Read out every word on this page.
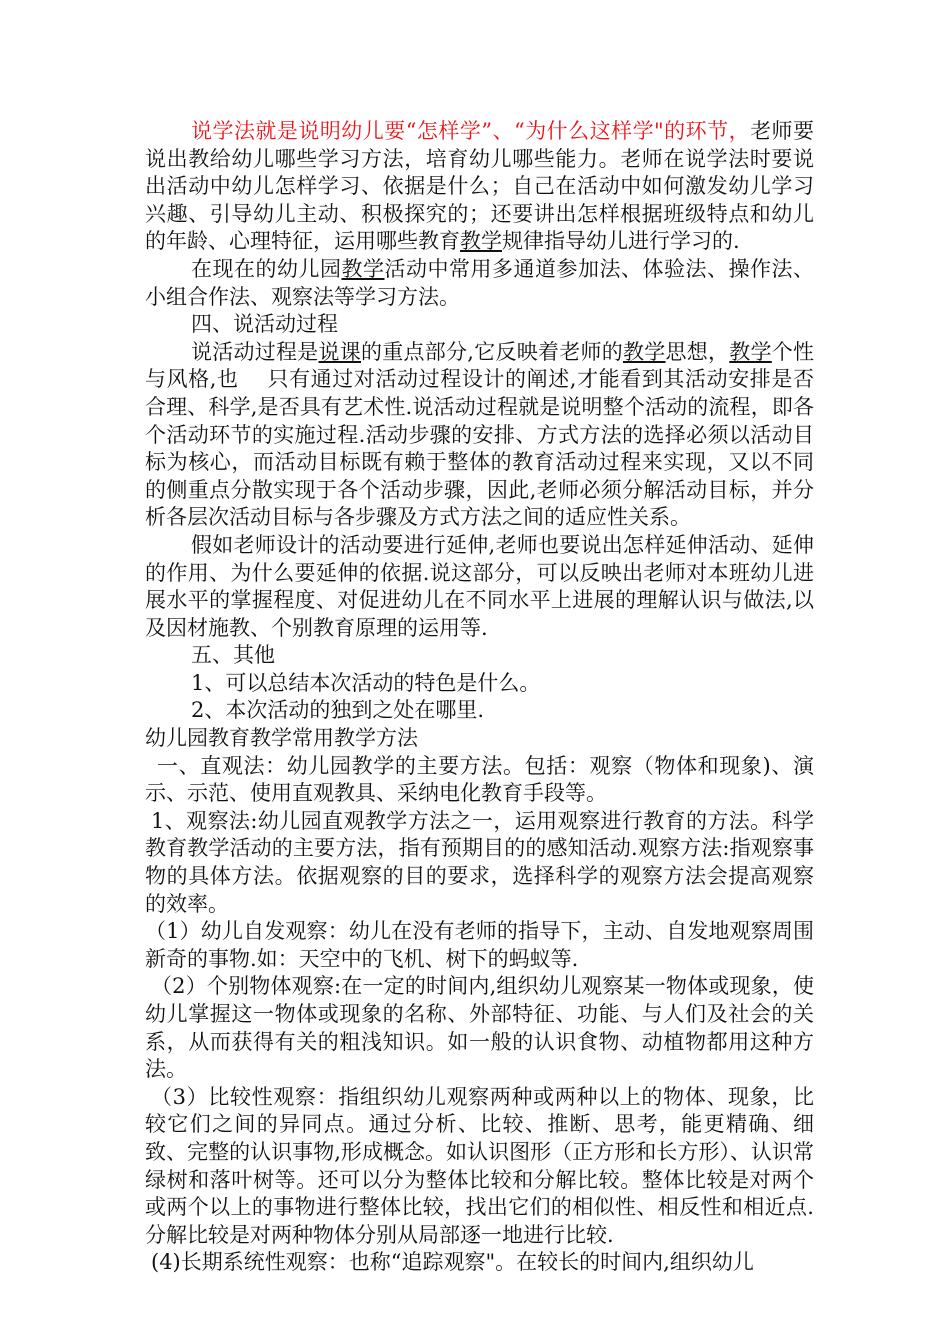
说学法就是说明幼儿要“怎样学”、“为什么这样学"的环节，老师要说出教给幼儿哪些学习方法，培育幼儿哪些能力。老师在说学法时要说出活动中幼儿怎样学习、依据是什么；自己在活动中如何激发幼儿学习兴趣、引导幼儿主动、积极探究的；还要讲出怎样根据班级特点和幼儿的年龄、心理特征，运用哪些教育教学规律指导幼儿进行学习的.

在现在的幼儿园教学活动中常用多通道参加法、体验法、操作法、小组合作法、观察法等学习方法。

四、说活动过程

说活动过程是说课的重点部分,它反映着老师的教学思想，教学个性与风格,也　 只有通过对活动过程设计的阐述,才能看到其活动安排是否合理、科学,是否具有艺术性.说活动过程就是说明整个活动的流程，即各个活动环节的实施过程.活动步骤的安排、方式方法的选择必须以活动目标为核心，而活动目标既有赖于整体的教育活动过程来实现，又以不同的侧重点分散实现于各个活动步骤，因此,老师必须分解活动目标，并分析各层次活动目标与各步骤及方式方法之间的适应性关系。

假如老师设计的活动要进行延伸,老师也要说出怎样延伸活动、延伸的作用、为什么要延伸的依据.说这部分，可以反映出老师对本班幼儿进展水平的掌握程度、对促进幼儿在不同水平上进展的理解认识与做法,以及因材施教、个别教育原理的运用等.

五、其他

1、可以总结本次活动的特色是什么。

2、本次活动的独到之处在哪里.

幼儿园教育教学常用教学方法

一、直观法：幼儿园教学的主要方法。包括：观察（物体和现象)、演示、示范、使用直观教具、采纳电化教育手段等。

1、观察法:幼儿园直观教学方法之一，运用观察进行教育的方法。科学教育教学活动的主要方法，指有预期目的的感知活动.观察方法:指观察事物的具体方法。依据观察的目的要求，选择科学的观察方法会提高观察的效率。

（1）幼儿自发观察：幼儿在没有老师的指导下，主动、自发地观察周围新奇的事物.如：天空中的飞机、树下的蚂蚁等.

（2）个别物体观察:在一定的时间内,组织幼儿观察某一物体或现象，使幼儿掌握这一物体或现象的名称、外部特征、功能、与人们及社会的关系，从而获得有关的粗浅知识。如一般的认识食物、动植物都用这种方法。

（3）比较性观察：指组织幼儿观察两种或两种以上的物体、现象，比较它们之间的异同点。通过分析、比较、推断、思考，能更精确、细致、完整的认识事物,形成概念。如认识图形（正方形和长方形）、认识常绿树和落叶树等。还可以分为整体比较和分解比较。整体比较是对两个或两个以上的事物进行整体比较，找出它们的相似性、相反性和相近点.分解比较是对两种物体分别从局部逐一地进行比较.

(4)长期系统性观察：也称“追踪观察"。在较长的时间内,组织幼儿
